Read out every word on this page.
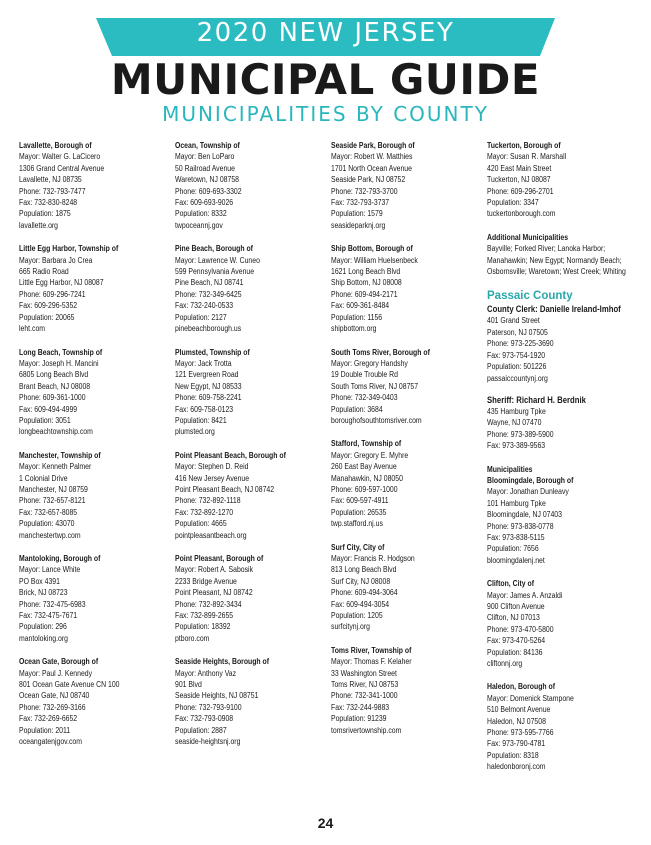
2020 NEW JERSEY
MUNICIPAL GUIDE
MUNICIPALITIES BY COUNTY
Lavallette, Borough of
Mayor: Walter G. LaCicero
1306 Grand Central Avenue
Lavallette, NJ 08735
Phone: 732-793-7477
Fax: 732-830-8248
Population: 1875
lavallette.org
Little Egg Harbor, Township of
Mayor: Barbara Jo Crea
665 Radio Road
Little Egg Harbor, NJ 08087
Phone: 609-296-7241
Fax: 609-296-5352
Population: 20065
leht.com
Long Beach, Township of
Mayor: Joseph H. Mancini
6805 Long Beach Blvd
Brant Beach, NJ 08008
Phone: 609-361-1000
Fax: 609-494-4999
Population: 3051
longbeachtownship.com
Manchester, Township of
Mayor: Kenneth Palmer
1 Colonial Drive
Manchester, NJ 08759
Phone: 732-657-8121
Fax: 732-657-8085
Population: 43070
manchestertwp.com
Mantoloking, Borough of
Mayor: Lance White
PO Box 4391
Brick, NJ 08723
Phone: 732-475-6983
Fax: 732-475-7671
Population: 296
mantoloking.org
Ocean Gate, Borough of
Mayor: Paul J. Kennedy
801 Ocean Gate Avenue CN 100
Ocean Gate, NJ 08740
Phone: 732-269-3166
Fax: 732-269-6652
Population: 2011
oceangatenjgov.com
Ocean, Township of
Mayor: Ben LoParo
50 Railroad Avenue
Waretown, NJ 08758
Phone: 609-693-3302
Fax: 609-693-9026
Population: 8332
twpoceannj.gov
Pine Beach, Borough of
Mayor: Lawrence W. Cuneo
599 Pennsylvania Avenue
Pine Beach, NJ 08741
Phone: 732-349-6425
Fax: 732-240-0533
Population: 2127
pinebeachborough.us
Plumsted, Township of
Mayor: Jack Trotta
121 Evergreen Road
New Egypt, NJ 08533
Phone: 609-758-2241
Fax: 609-758-0123
Population: 8421
plumsted.org
Point Pleasant Beach, Borough of
Mayor: Stephen D. Reid
416 New Jersey Avenue
Point Pleasant Beach, NJ 08742
Phone: 732-892-1118
Fax: 732-892-1270
Population: 4665
pointpleasantbeach.org
Point Pleasant, Borough of
Mayor: Robert A. Sabosik
2233 Bridge Avenue
Point Pleasant, NJ 08742
Phone: 732-892-3434
Fax: 732-899-2655
Population: 18392
ptboro.com
Seaside Heights, Borough of
Mayor: Anthony Vaz
901 Blvd
Seaside Heights, NJ 08751
Phone: 732-793-9100
Fax: 732-793-0908
Population: 2887
seaside-heightsnj.org
Seaside Park, Borough of
Mayor: Robert W. Matthies
1701 North Ocean Avenue
Seaside Park, NJ 08752
Phone: 732-793-3700
Fax: 732-793-3737
Population: 1579
seasideparknj.org
Ship Bottom, Borough of
Mayor: William Huelsenbeck
1621 Long Beach Blvd
Ship Bottom, NJ 08008
Phone: 609-494-2171
Fax: 609-361-8484
Population: 1156
shipbottom.org
South Toms River, Borough of
Mayor: Gregory Handshy
19 Double Trouble Rd
South Toms River, NJ 08757
Phone: 732-349-0403
Population: 3684
boroughofsouthtomsriver.com
Stafford, Township of
Mayor: Gregory E. Myhre
260 East Bay Avenue
Manahawkin, NJ 08050
Phone: 609-597-1000
Fax: 609-597-4911
Population: 26535
twp.stafford.nj.us
Surf City, City of
Mayor: Francis R. Hodgson
813 Long Beach Blvd
Surf City, NJ 08008
Phone: 609-494-3064
Fax: 609-494-3054
Population: 1205
surfcitynj.org
Toms River, Township of
Mayor: Thomas F. Kelaher
33 Washington Street
Toms River, NJ 08753
Phone: 732-341-1000
Fax: 732-244-9883
Population: 91239
tomsrivertownship.com
Tuckerton, Borough of
Mayor: Susan R. Marshall
420 East Main Street
Tuckerton, NJ 08087
Phone: 609-296-2701
Population: 3347
tuckertonborough.com
Additional Municipalities
Bayville; Forked River; Lanoka Harbor;
Manahawkin; New Egypt; Normandy Beach;
Osbornsville; Waretown; West Creek; Whiting
Passaic County
County Clerk: Danielle Ireland-Imhof
401 Grand Street
Paterson, NJ 07505
Phone: 973-225-3690
Fax: 973-754-1920
Population: 501226
passaiccountynj.org
Sheriff: Richard H. Berdnik
435 Hamburg Tpke
Wayne, NJ 07470
Phone: 973-389-5900
Fax: 973-389-9563
Municipalities
Bloomingdale, Borough of
Mayor: Jonathan Dunleavy
101 Hamburg Tpke
Bloomingdale, NJ 07403
Phone: 973-838-0778
Fax: 973-838-5115
Population: 7656
bloomingdalenj.net
Clifton, City of
Mayor: James A. Anzaldi
900 Clifton Avenue
Clifton, NJ 07013
Phone: 973-470-5800
Fax: 973-470-5264
Population: 84136
cliftonnj.org
Haledon, Borough of
Mayor: Domenick Stampone
510 Belmont Avenue
Haledon, NJ 07508
Phone: 973-595-7766
Fax: 973-790-4781
Population: 8318
haledonboronj.com
24
